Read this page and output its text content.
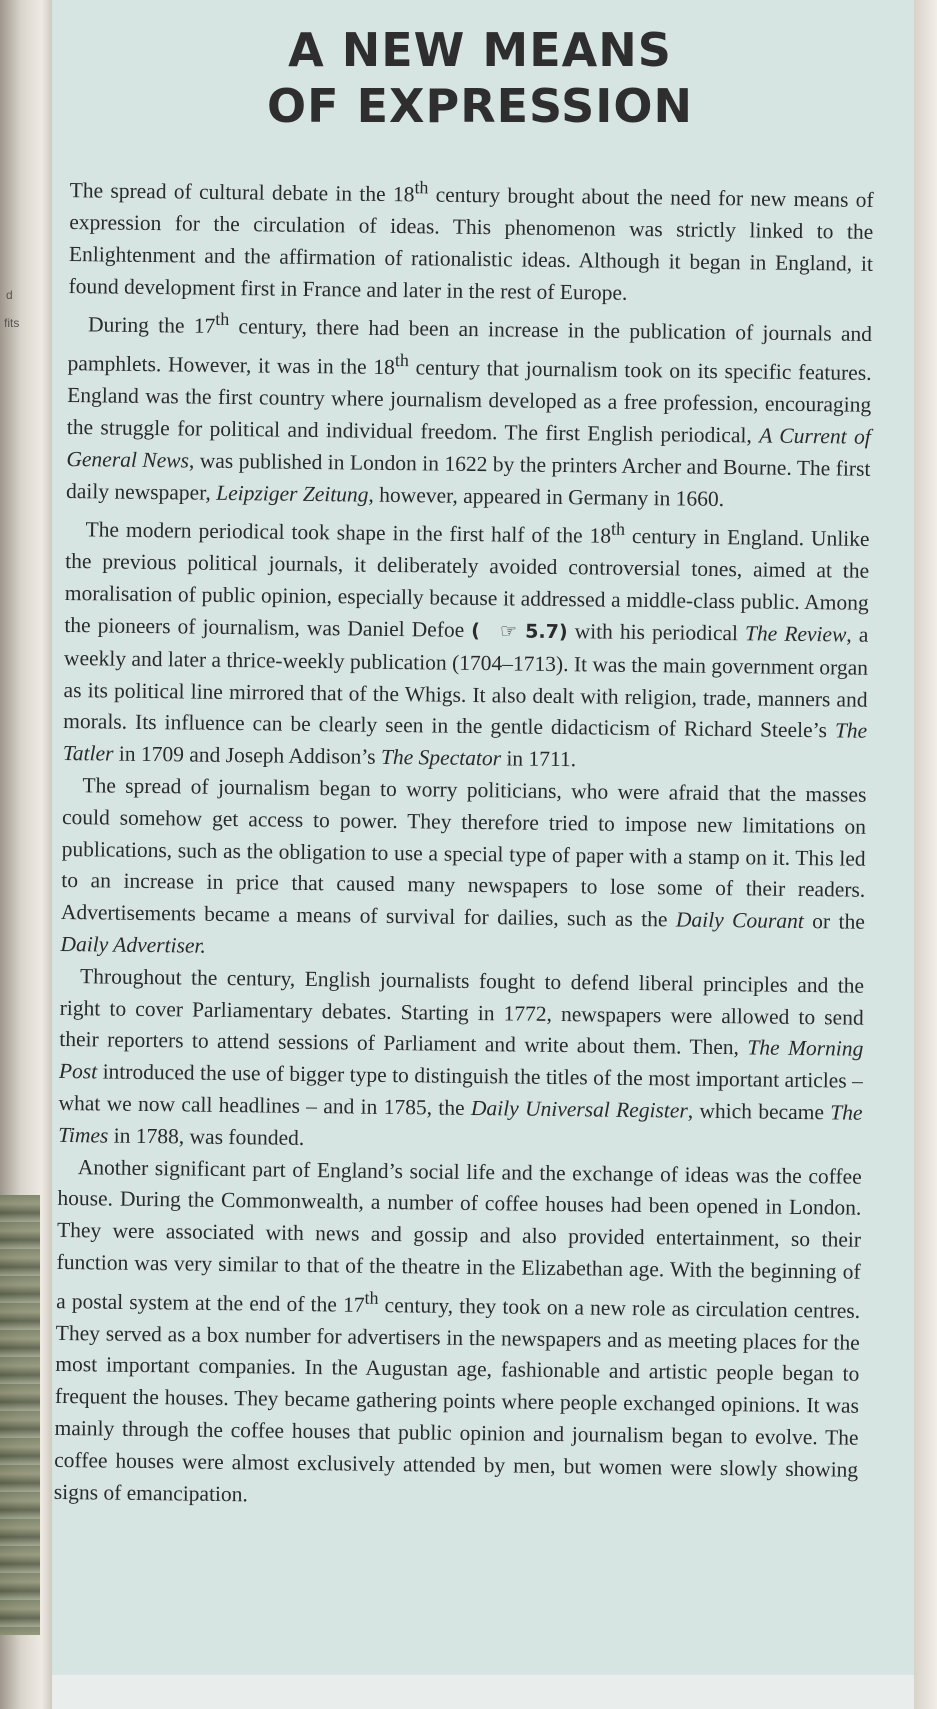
d
fits
A NEW MEANS
OF EXPRESSION

The spread of cultural debate in the 18th century brought about the need for new means of expression for the circulation of ideas. This phenomenon was strictly linked to the Enlightenment and the affirmation of rationalistic ideas. Although it began in England, it found development first in France and later in the rest of Europe.

During the 17th century, there had been an increase in the publication of journals and pamphlets. However, it was in the 18th century that journalism took on its specific features. England was the first country where journalism developed as a free profession, encouraging the struggle for political and individual freedom. The first English periodical, A Current of General News, was published in London in 1622 by the printers Archer and Bourne. The first daily newspaper, Leipziger Zeitung, however, appeared in Germany in 1660.

The modern periodical took shape in the first half of the 18th century in England. Unlike the previous political journals, it deliberately avoided controversial tones, aimed at the moralisation of public opinion, especially because it addressed a middle-class public. Among the pioneers of journalism, was Daniel Defoe ( ☞ 5.7) with his periodical The Review, a weekly and later a thrice-weekly publication (1704–1713). It was the main government organ as its political line mirrored that of the Whigs. It also dealt with religion, trade, manners and morals. Its influence can be clearly seen in the gentle didacticism of Richard Steele’s The Tatler in 1709 and Joseph Addison’s The Spectator in 1711.

The spread of journalism began to worry politicians, who were afraid that the masses could somehow get access to power. They therefore tried to impose new limitations on publications, such as the obligation to use a special type of paper with a stamp on it. This led to an increase in price that caused many newspapers to lose some of their readers. Advertisements became a means of survival for dailies, such as the Daily Courant or the Daily Advertiser.

Throughout the century, English journalists fought to defend liberal principles and the right to cover Parliamentary debates. Starting in 1772, newspapers were allowed to send their reporters to attend sessions of Parliament and write about them. Then, The Morning Post introduced the use of bigger type to distinguish the titles of the most important articles – what we now call headlines – and in 1785, the Daily Universal Register, which became The Times in 1788, was founded.

Another significant part of England’s social life and the exchange of ideas was the coffee house. During the Commonwealth, a number of coffee houses had been opened in London. They were associated with news and gossip and also provided entertainment, so their function was very similar to that of the theatre in the Elizabethan age. With the beginning of a postal system at the end of the 17th century, they took on a new role as circulation centres. They served as a box number for advertisers in the newspapers and as meeting places for the most important companies. In the Augustan age, fashionable and artistic people began to frequent the houses. They became gathering points where people exchanged opinions. It was mainly through the coffee houses that public opinion and journalism began to evolve. The coffee houses were almost exclusively attended by men, but women were slowly showing signs of emancipation.
